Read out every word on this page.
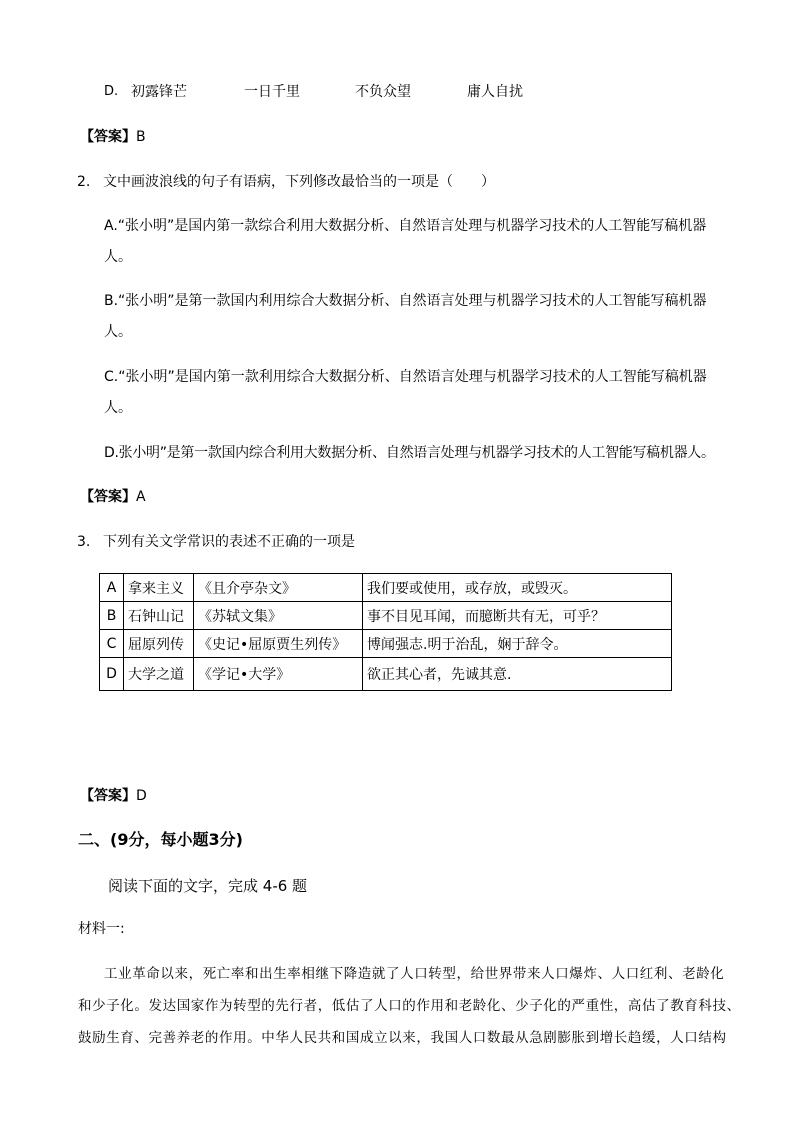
D. 初露锋芒	一日千里	不负众望	庸人自扰
【答案】B
2. 文中画波浪线的句子有语病，下列修改最恰当的一项是（　　）
A.“张小明”是国内第一款综合利用大数据分析、自然语言处理与机器学习技术的人工智能写稿机器
人。
B.“张小明”是第一款国内利用综合大数据分析、自然语言处理与机器学习技术的人工智能写稿机器
人。
C.“张小明”是国内第一款利用综合大数据分析、自然语言处理与机器学习技术的人工智能写稿机器
人。
D.张小明”是第一款国内综合利用大数据分析、自然语言处理与机器学习技术的人工智能写稿机器人。
【答案】A
3. 下列有关文学常识的表述不正确的一项是
A	拿来主义	《且介亭杂文》	我们要或使用，或存放，或毁灭。
B	石钟山记	《苏轼文集》	事不目见耳闻，而臆断共有无，可乎？
C	屈原列传	《史记•屈原贾生列传》	博闻强志.明于治乱，娴于辞令。
D	大学之道	《学记•大学》	欲正其心者，先诚其意.
【答案】D
二、(9分，每小题3分)
阅读下面的文字，完成 4-6 题
材料一:
工业革命以来，死亡率和出生率相继下降造就了人口转型，给世界带来人口爆炸、人口红利、老龄化
和少子化。发达国家作为转型的先行者，低估了人口的作用和老龄化、少子化的严重性，高估了教育科技、
鼓励生育、完善养老的作用。中华人民共和国成立以来，我国人口数最从急剧膨胀到增长趋缓，人口结构
